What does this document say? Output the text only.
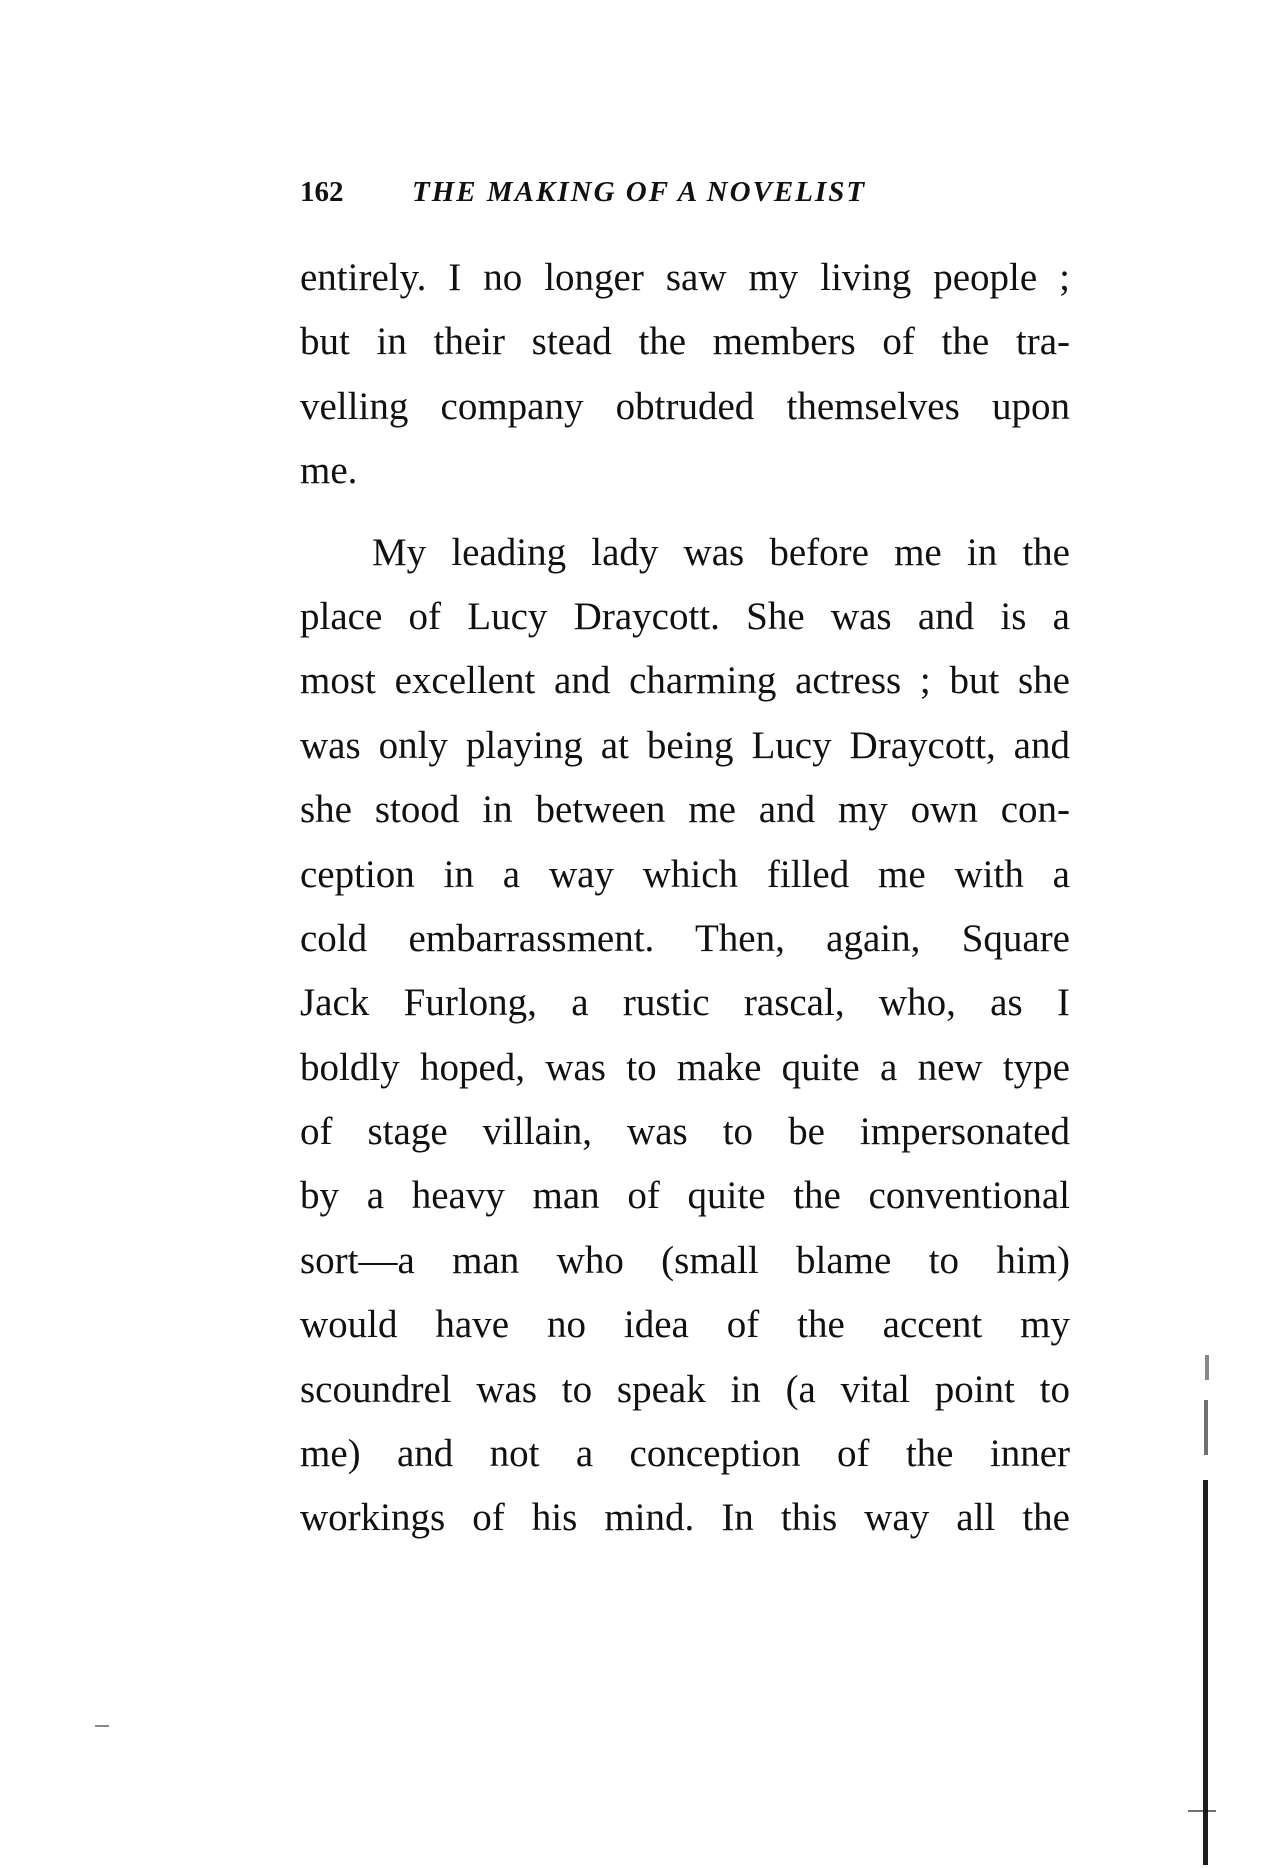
162 THE MAKING OF A NOVELIST
entirely. I no longer saw my living people ;
but in their stead the members of the tra-
velling company obtruded themselves upon
me.
My leading lady was before me in the
place of Lucy Draycott. She was and is a
most excellent and charming actress ; but she
was only playing at being Lucy Draycott, and
she stood in between me and my own con-
ception in a way which filled me with a
cold embarrassment. Then, again, Square
Jack Furlong, a rustic rascal, who, as I
boldly hoped, was to make quite a new type
of stage villain, was to be impersonated
by a heavy man of quite the conventional
sort—a man who (small blame to him)
would have no idea of the accent my
scoundrel was to speak in (a vital point to
me) and not a conception of the inner
workings of his mind. In this way all the
